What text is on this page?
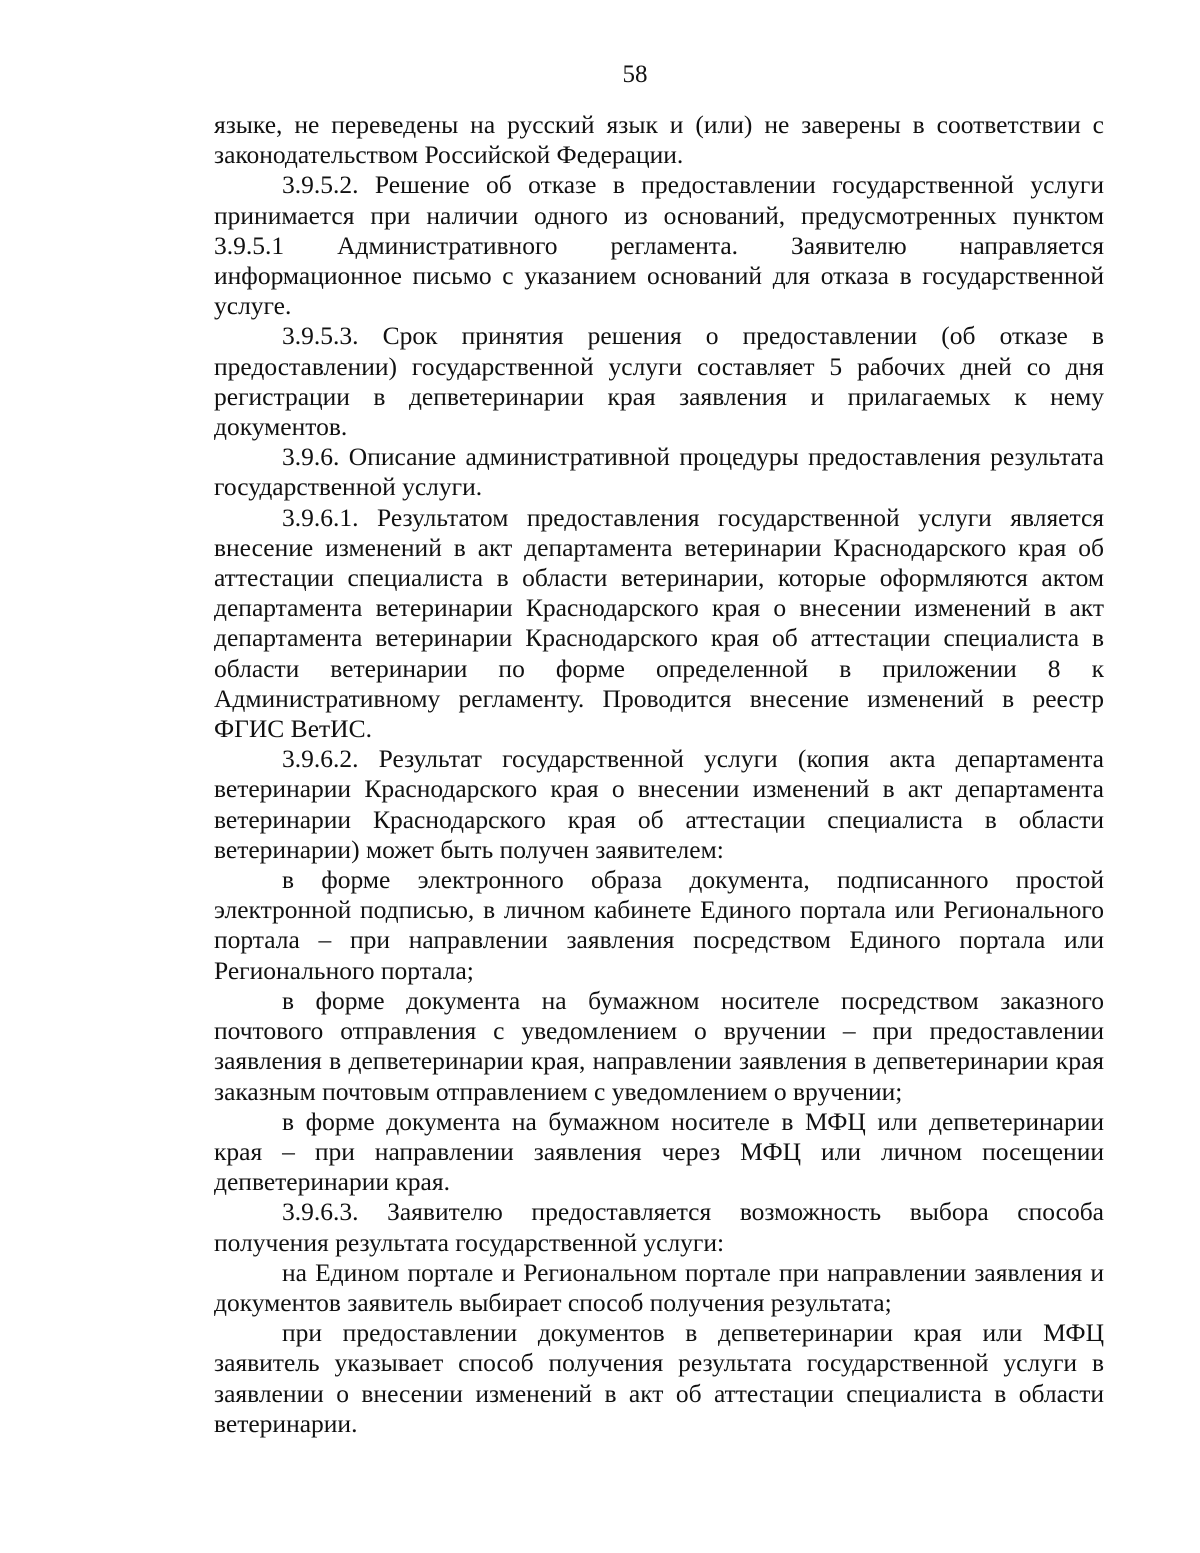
58

языке, не переведены на русский язык и (или) не заверены в соответствии с законодательством Российской Федерации.

3.9.5.2. Решение об отказе в предоставлении государственной услуги принимается при наличии одного из оснований, предусмотренных пунктом 3.9.5.1 Административного регламента. Заявителю направляется информационное письмо с указанием оснований для отказа в государственной услуге.

3.9.5.3. Срок принятия решения о предоставлении (об отказе в предоставлении) государственной услуги составляет 5 рабочих дней со дня регистрации в депветеринарии края заявления и прилагаемых к нему документов.

3.9.6. Описание административной процедуры предоставления результата государственной услуги.

3.9.6.1. Результатом предоставления государственной услуги является внесение изменений в акт департамента ветеринарии Краснодарского края об аттестации специалиста в области ветеринарии, которые оформляются актом департамента ветеринарии Краснодарского края о внесении изменений в акт департамента ветеринарии Краснодарского края об аттестации специалиста в области ветеринарии по форме определенной в приложении 8 к Административному регламенту. Проводится внесение изменений в реестр ФГИС ВетИС.

3.9.6.2. Результат государственной услуги (копия акта департамента ветеринарии Краснодарского края о внесении изменений в акт департамента ветеринарии Краснодарского края об аттестации специалиста в области ветеринарии) может быть получен заявителем:

в форме электронного образа документа, подписанного простой электронной подписью, в личном кабинете Единого портала или Регионального портала – при направлении заявления посредством Единого портала или Регионального портала;

в форме документа на бумажном носителе посредством заказного почтового отправления с уведомлением о вручении – при предоставлении заявления в депветеринарии края, направлении заявления в депветеринарии края заказным почтовым отправлением с уведомлением о вручении;

в форме документа на бумажном носителе в МФЦ или депветеринарии края – при направлении заявления через МФЦ или личном посещении депветеринарии края.

3.9.6.3. Заявителю предоставляется возможность выбора способа получения результата государственной услуги:

на Едином портале и Региональном портале при направлении заявления и документов заявитель выбирает способ получения результата;

при предоставлении документов в депветеринарии края или МФЦ заявитель указывает способ получения результата государственной услуги в заявлении о внесении изменений в акт об аттестации специалиста в области ветеринарии.
